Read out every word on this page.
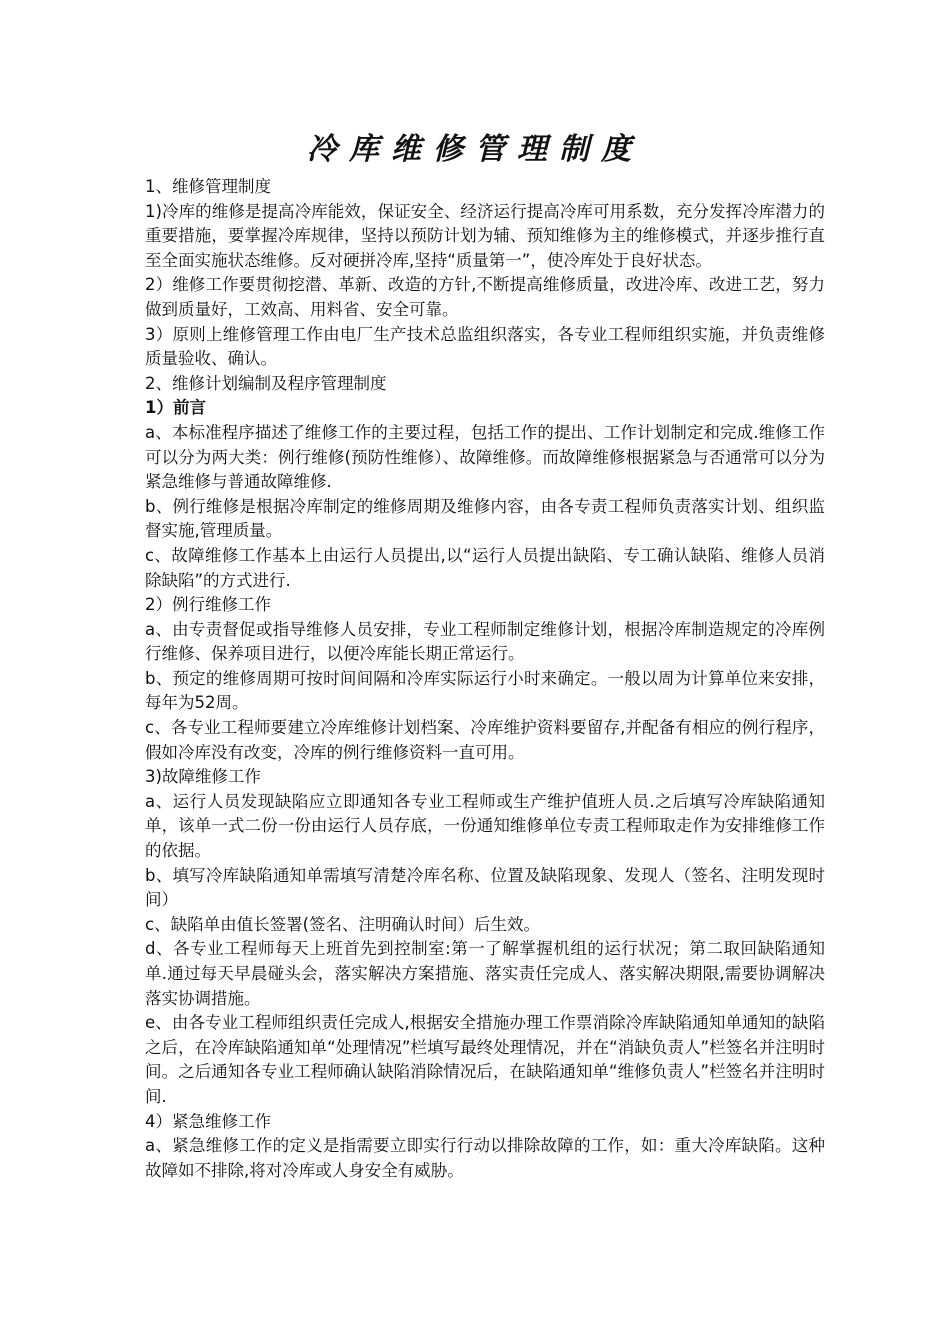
冷库维修管理制度

1、维修管理制度

1)冷库的维修是提高冷库能效，保证安全、经济运行提高冷库可用系数，充分发挥冷库潜力的重要措施，要掌握冷库规律，坚持以预防计划为辅、预知维修为主的维修模式，并逐步推行直至全面实施状态维修。反对硬拼冷库,坚持“质量第一”，使冷库处于良好状态。

2）维修工作要贯彻挖潜、革新、改造的方针,不断提高维修质量，改进冷库、改进工艺，努力做到质量好，工效高、用料省、安全可靠。

3）原则上维修管理工作由电厂生产技术总监组织落实，各专业工程师组织实施，并负责维修质量验收、确认。

2、维修计划编制及程序管理制度

1）前言

a、本标准程序描述了维修工作的主要过程，包括工作的提出、工作计划制定和完成.维修工作可以分为两大类：例行维修(预防性维修）、故障维修。而故障维修根据紧急与否通常可以分为紧急维修与普通故障维修.

b、例行维修是根据冷库制定的维修周期及维修内容，由各专责工程师负责落实计划、组织监督实施,管理质量。

c、故障维修工作基本上由运行人员提出,以“运行人员提出缺陷、专工确认缺陷、维修人员消除缺陷”的方式进行.

2）例行维修工作

a、由专责督促或指导维修人员安排，专业工程师制定维修计划，根据冷库制造规定的冷库例行维修、保养项目进行，以便冷库能长期正常运行。

b、预定的维修周期可按时间间隔和冷库实际运行小时来确定。一般以周为计算单位来安排，每年为52周。

c、各专业工程师要建立冷库维修计划档案、冷库维护资料要留存,并配备有相应的例行程序，假如冷库没有改变，冷库的例行维修资料一直可用。

3)故障维修工作

a、运行人员发现缺陷应立即通知各专业工程师或生产维护值班人员.之后填写冷库缺陷通知单，该单一式二份一份由运行人员存底，一份通知维修单位专责工程师取走作为安排维修工作的依据。

b、填写冷库缺陷通知单需填写清楚冷库名称、位置及缺陷现象、发现人（签名、注明发现时间）

c、缺陷单由值长签署(签名、注明确认时间）后生效。

d、各专业工程师每天上班首先到控制室:第一了解掌握机组的运行状况；第二取回缺陷通知单.通过每天早晨碰头会，落实解决方案措施、落实责任完成人、落实解决期限,需要协调解决落实协调措施。

e、由各专业工程师组织责任完成人,根据安全措施办理工作票消除冷库缺陷通知单通知的缺陷之后，在冷库缺陷通知单“处理情况”栏填写最终处理情况，并在“消缺负责人”栏签名并注明时间。之后通知各专业工程师确认缺陷消除情况后，在缺陷通知单“维修负责人”栏签名并注明时间.

4）紧急维修工作

a、紧急维修工作的定义是指需要立即实行行动以排除故障的工作，如：重大冷库缺陷。这种故障如不排除,将对冷库或人身安全有威胁。
